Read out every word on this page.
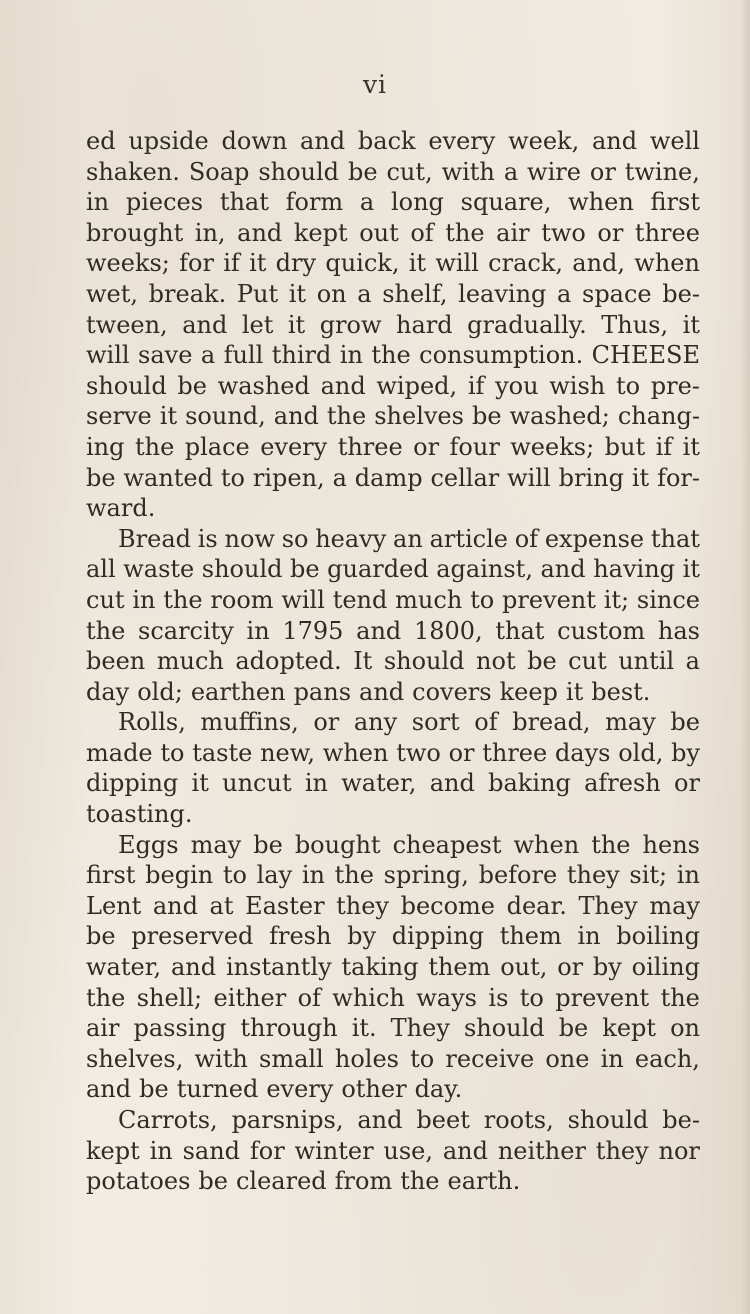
vi
ed upside down and back every week, and well
shaken. Soap should be cut, with a wire or twine,
in pieces that form a long square, when first
brought in, and kept out of the air two or three
weeks; for if it dry quick, it will crack, and, when
wet, break. Put it on a shelf, leaving a space be-
tween, and let it grow hard gradually. Thus, it
will save a full third in the consumption. CHEESE
should be washed and wiped, if you wish to pre-
serve it sound, and the shelves be washed; chang-
ing the place every three or four weeks; but if it
be wanted to ripen, a damp cellar will bring it for-
ward.
Bread is now so heavy an article of expense that
all waste should be guarded against, and having it
cut in the room will tend much to prevent it; since
the scarcity in 1795 and 1800, that custom has
been much adopted. It should not be cut until a
day old; earthen pans and covers keep it best.
Rolls, muffins, or any sort of bread, may be
made to taste new, when two or three days old, by
dipping it uncut in water, and baking afresh or
toasting.
Eggs may be bought cheapest when the hens
first begin to lay in the spring, before they sit; in
Lent and at Easter they become dear. They may
be preserved fresh by dipping them in boiling
water, and instantly taking them out, or by oiling
the shell; either of which ways is to prevent the
air passing through it. They should be kept on
shelves, with small holes to receive one in each,
and be turned every other day.
Carrots, parsnips, and beet roots, should be-
kept in sand for winter use, and neither they nor
potatoes be cleared from the earth.
